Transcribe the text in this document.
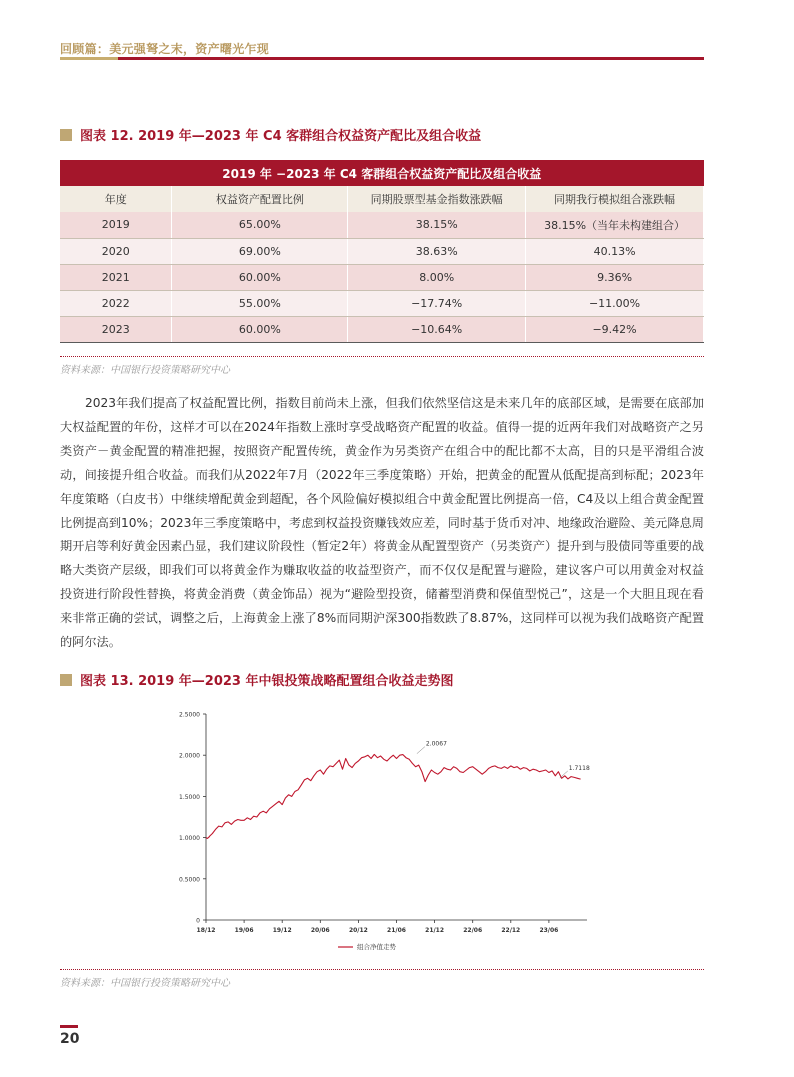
回顾篇：美元强弩之末，资产曙光乍现
图表 12. 2019 年—2023 年 C4 客群组合权益资产配比及组合收益
2019 年 −2023 年 C4 客群组合权益资产配比及组合收益			
年度	权益资产配置比例	同期股票型基金指数涨跌幅	同期我行模拟组合涨跌幅
2019	65.00%	38.15%	38.15%（当年未构建组合）
2020	69.00%	38.63%	40.13%
2021	60.00%	8.00%	9.36%
2022	55.00%	−17.74%	−11.00%
2023	60.00%	−10.64%	−9.42%
资料来源：中国银行投资策略研究中心

2023年我们提高了权益配置比例，指数目前尚未上涨，但我们依然坚信这是未来几年的底部区域，是需要在底部加大权益配置的年份，这样才可以在2024年指数上涨时享受战略资产配置的收益。值得一提的近两年我们对战略资产之另类资产－黄金配置的精准把握，按照资产配置传统，黄金作为另类资产在组合中的配比都不太高，目的只是平滑组合波动，间接提升组合收益。而我们从2022年7月（2022年三季度策略）开始，把黄金的配置从低配提高到标配；2023年年度策略（白皮书）中继续增配黄金到超配，各个风险偏好模拟组合中黄金配置比例提高一倍，C4及以上组合黄金配置比例提高到10%；2023年三季度策略中，考虑到权益投资赚钱效应差，同时基于货币对冲、地缘政治避险、美元降息周期开启等利好黄金因素凸显，我们建议阶段性（暂定2年）将黄金从配置型资产（另类资产）提升到与股债同等重要的战略大类资产层级，即我们可以将黄金作为赚取收益的收益型资产，而不仅仅是配置与避险，建议客户可以用黄金对权益投资进行阶段性替换，将黄金消费（黄金饰品）视为“避险型投资，储蓄型消费和保值型悦己”，这是一个大胆且现在看来非常正确的尝试，调整之后，上海黄金上涨了8%而同期沪深300指数跌了8.87%，这同样可以视为我们战略资产配置的阿尔法。

图表 13. 2019 年—2023 年中银投策战略配置组合收益走势图
2.5000
2.0000
1.5000
1.0000
0.5000
0
18/12	19/06	19/12	20/06	20/12	21/06	21/12	22/06	22/12	23/06
2.0067
1.7118
组合净值走势
资料来源：中国银行投资策略研究中心
20
